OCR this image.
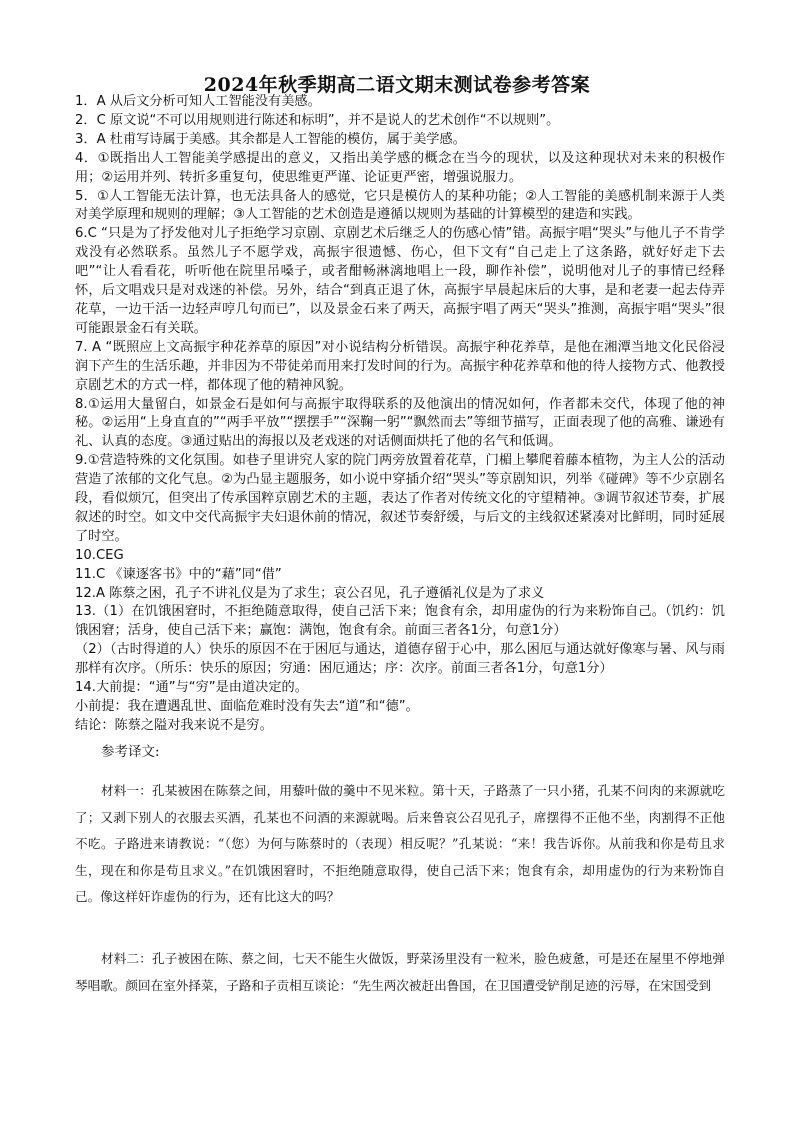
2024年秋季期高二语文期末测试卷参考答案

1．A 从后文分析可知人工智能没有美感。

2．C 原文说“不可以用规则进行陈述和标明”，并不是说人的艺术创作“不以规则”。

3．A 杜甫写诗属于美感。其余都是人工智能的模仿，属于美学感。

4．①既指出人工智能美学感提出的意义，又指出美学感的概念在当今的现状，以及这种现状对未来的积极作用；②运用并列、转折多重复句，使思维更严谨、论证更严密，增强说服力。

5．①人工智能无法计算，也无法具备人的感觉，它只是模仿人的某种功能；②人工智能的美感机制来源于人类对美学原理和规则的理解；③人工智能的艺术创造是遵循以规则为基础的计算模型的建造和实践。

6.C “只是为了抒发他对儿子拒绝学习京剧、京剧艺术后继乏人的伤感心情”错。高振宇唱“哭头”与他儿子不肯学戏没有必然联系。虽然儿子不愿学戏，高振宇很遗憾、伤心，但下文有“自己走上了这条路，就好好走下去吧”“让人看看花，听听他在院里吊嗓子，或者酣畅淋漓地唱上一段，聊作补偿”，说明他对儿子的事情已经释怀，后文唱戏只是对戏迷的补偿。另外，结合“到真正退了休，高振宇早晨起床后的大事，是和老妻一起去侍弄花草，一边干活一边轻声哼几句而已”，以及景金石来了两天，高振宇唱了两天“哭头”推测，高振宇唱“哭头”很可能跟景金石有关联。

7. A “既照应上文高振宇种花养草的原因”对小说结构分析错误。高振宇种花养草，是他在湘潭当地文化民俗浸润下产生的生活乐趣，并非因为不带徒弟而用来打发时间的行为。高振宇种花养草和他的待人接物方式、他教授京剧艺术的方式一样，都体现了他的精神风貌。

8.①运用大量留白，如景金石是如何与高振宇取得联系的及他演出的情况如何，作者都未交代，体现了他的神秘。②运用“上身直直的”“两手平放”“摆摆手”“深鞠一躬”“飘然而去”等细节描写，正面表现了他的高雅、谦逊有礼、认真的态度。③通过贴出的海报以及老戏迷的对话侧面烘托了他的名气和低调。

9.①营造特殊的文化氛围。如巷子里讲究人家的院门两旁放置着花草，门楣上攀爬着藤本植物，为主人公的活动营造了浓郁的文化气息。②为凸显主题服务，如小说中穿插介绍“哭头”等京剧知识，列举《碰碑》等不少京剧名段，看似烦冗，但突出了传承国粹京剧艺术的主题，表达了作者对传统文化的守望精神。③调节叙述节奏，扩展叙述的时空。如文中交代高振宇夫妇退休前的情况，叙述节奏舒缓，与后文的主线叙述紧凑对比鲜明，同时延展了时空。

10.CEG

11.C 《谏逐客书》中的“藉”同“借”

12.A 陈蔡之困，孔子不讲礼仪是为了求生；哀公召见，孔子遵循礼仪是为了求义

13.（1）在饥饿困窘时，不拒绝随意取得，使自己活下来；饱食有余，却用虚伪的行为来粉饰自己。（饥约：饥饿困窘；活身，使自己活下来；赢饱：满饱，饱食有余。前面三者各1分，句意1分）

（2）（古时得道的人）快乐的原因不在于困厄与通达，道德存留于心中，那么困厄与通达就好像寒与暑、风与雨那样有次序。（所乐：快乐的原因；穷通：困厄通达；序：次序。前面三者各1分，句意1分）

14.大前提：“通”与“穷”是由道决定的。

小前提：我在遭遇乱世、面临危难时没有失去“道”和“德”。

结论：陈蔡之隘对我来说不是穷。

参考译文:
材料一：孔某被困在陈蔡之间，用藜叶做的羹中不见米粒。第十天，子路蒸了一只小猪，孔某不问肉的来源就吃了；又剥下别人的衣服去买酒，孔某也不问酒的来源就喝。后来鲁哀公召见孔子，席摆得不正他不坐，肉割得不正他不吃。子路进来请教说：“（您）为何与陈蔡时的（表现）相反呢？”孔某说：“来！我告诉你。从前我和你是苟且求生，现在和你是苟且求义。”在饥饿困窘时，不拒绝随意取得，使自己活下来；饱食有余，却用虚伪的行为来粉饰自己。像这样奸诈虚伪的行为，还有比这大的吗？
材料二：孔子被困在陈、蔡之间，七天不能生火做饭，野菜汤里没有一粒米，脸色疲惫，可是还在屋里不停地弹琴唱歌。颜回在室外择菜，子路和子贡相互谈论：“先生两次被赶出鲁国，在卫国遭受铲削足迹的污辱，在宋国受到
